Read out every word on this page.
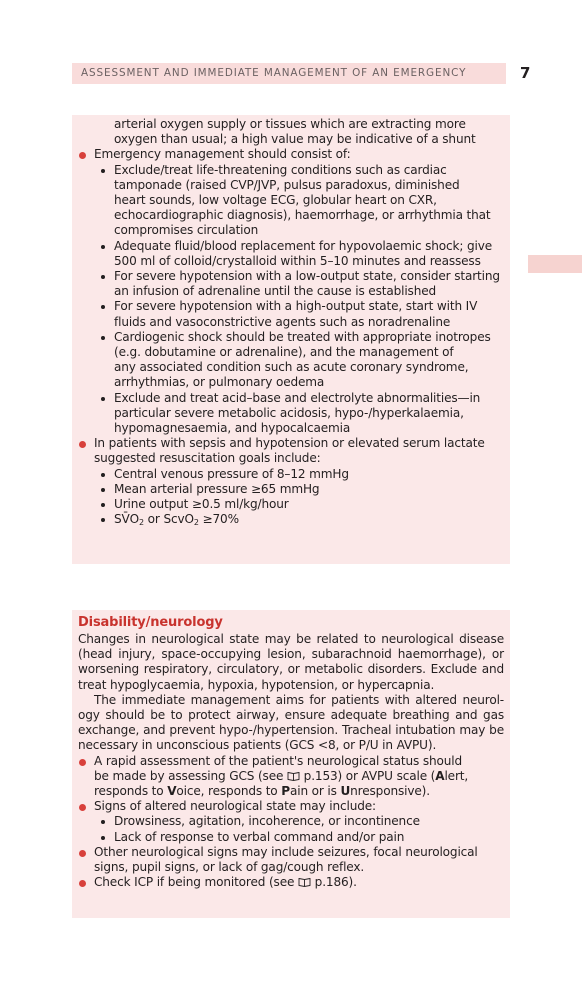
ASSESSMENT AND IMMEDIATE MANAGEMENT OF AN EMERGENCY	7
arterial oxygen supply or tissues which are extracting more
oxygen than usual; a high value may be indicative of a shunt
Emergency management should consist of:
Exclude/treat life-threatening conditions such as cardiac
tamponade (raised CVP/JVP, pulsus paradoxus, diminished
heart sounds, low voltage ECG, globular heart on CXR,
echocardiographic diagnosis), haemorrhage, or arrhythmia that
compromises circulation
Adequate fluid/blood replacement for hypovolaemic shock; give
500 ml of colloid/crystalloid within 5–10 minutes and reassess
For severe hypotension with a low-output state, consider starting
an infusion of adrenaline until the cause is established
For severe hypotension with a high-output state, start with IV
fluids and vasoconstrictive agents such as noradrenaline
Cardiogenic shock should be treated with appropriate inotropes
(e.g. dobutamine or adrenaline), and the management of
any associated condition such as acute coronary syndrome,
arrhythmias, or pulmonary oedema
Exclude and treat acid–base and electrolyte abnormalities—in
particular severe metabolic acidosis, hypo-/hyperkalaemia,
hypomagnesaemia, and hypocalcaemia
In patients with sepsis and hypotension or elevated serum lactate
suggested resuscitation goals include:
Central venous pressure of 8–12 mmHg
Mean arterial pressure ≥65 mmHg
Urine output ≥0.5 ml/kg/hour
$SV̄O_2$ or ScvO$_2$ ≥70%
Disability/neurology
Changes in neurological state may be related to neurological disease
(head injury, space-occupying lesion, subarachnoid haemorrhage), or
worsening respiratory, circulatory, or metabolic disorders. Exclude and
treat hypoglycaemia, hypoxia, hypotension, or hypercapnia.
The immediate management aims for patients with altered neurol-
ogy should be to protect airway, ensure adequate breathing and gas
exchange, and prevent hypo-/hypertension. Tracheal intubation may be
necessary in unconscious patients (GCS <8, or P/U in AVPU).
A rapid assessment of the patient's neurological status should
be made by assessing GCS (see  p.153) or AVPU scale (Alert,
responds to Voice, responds to Pain or is Unresponsive).
Signs of altered neurological state may include:
Drowsiness, agitation, incoherence, or incontinence
Lack of response to verbal command and/or pain
Other neurological signs may include seizures, focal neurological
signs, pupil signs, or lack of gag/cough reflex.
Check ICP if being monitored (see  p.186).
